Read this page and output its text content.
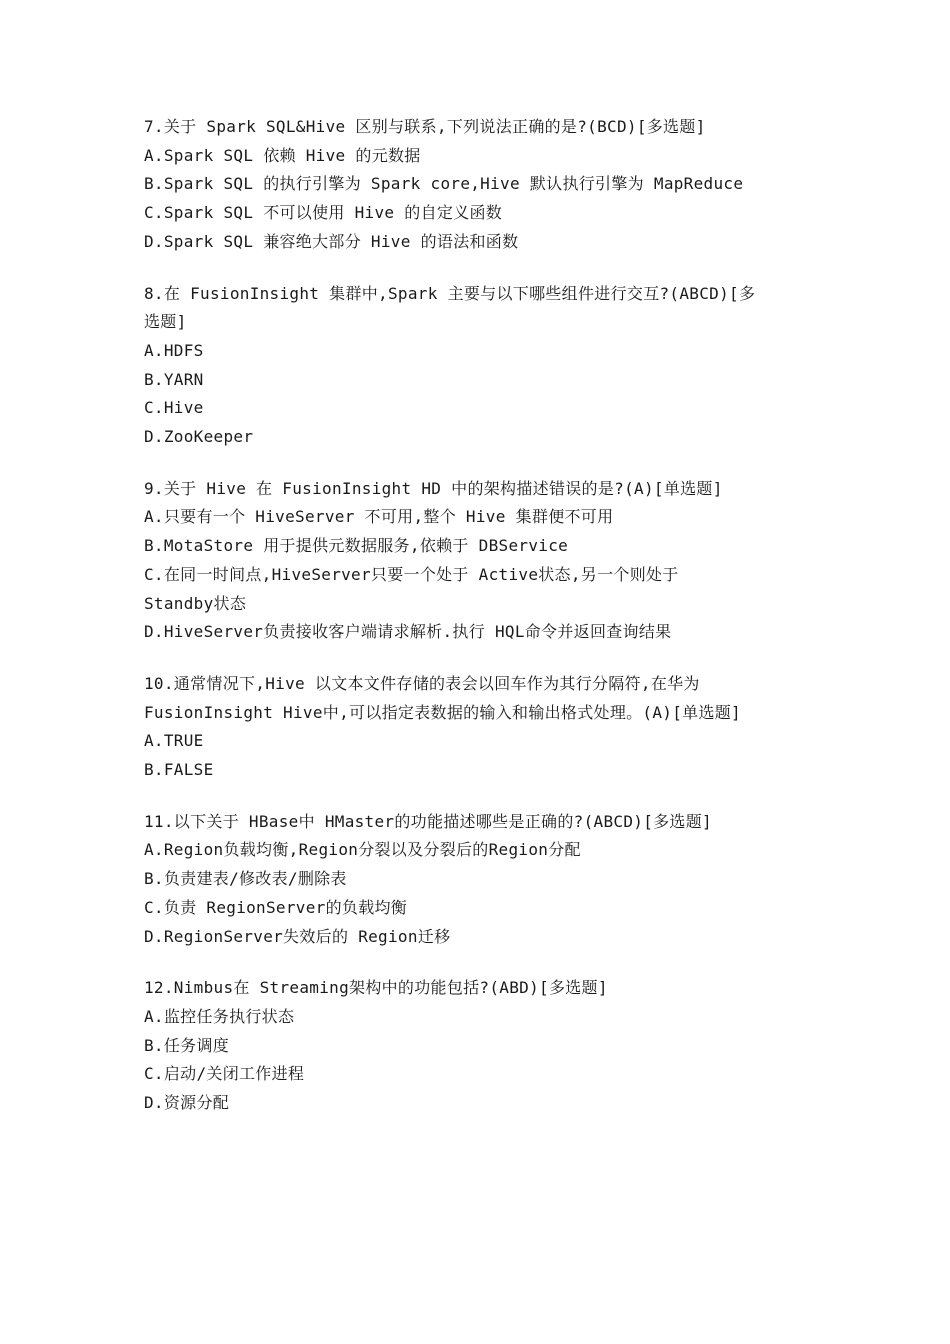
7.关于 Spark SQL&Hive 区别与联系,下列说法正确的是?(BCD)[多选题]
A.Spark SQL 依赖 Hive 的元数据
B.Spark SQL 的执行引擎为 Spark core,Hive 默认执行引擎为 MapReduce
C.Spark SQL 不可以使用 Hive 的自定义函数
D.Spark SQL 兼容绝大部分 Hive 的语法和函数
8.在 FusionInsight 集群中,Spark 主要与以下哪些组件进行交互?(ABCD)[多
选题]
A.HDFS
B.YARN
C.Hive
D.ZooKeeper
9.关于 Hive 在 FusionInsight HD 中的架构描述错误的是?(A)[单选题]
A.只要有一个 HiveServer 不可用,整个 Hive 集群便不可用
B.MotaStore 用于提供元数据服务,依赖于 DBService
C.在同一时间点,HiveServer只要一个处于 Active状态,另一个则处于
Standby状态
D.HiveServer负责接收客户端请求解析.执行 HQL命令并返回查询结果
10.通常情况下,Hive 以文本文件存储的表会以回车作为其行分隔符,在华为
FusionInsight Hive中,可以指定表数据的输入和输出格式处理。(A)[单选题]
A.TRUE
B.FALSE
11.以下关于 HBase中 HMaster的功能描述哪些是正确的?(ABCD)[多选题]
A.Region负载均衡,Region分裂以及分裂后的Region分配
B.负责建表/修改表/删除表
C.负责 RegionServer的负载均衡
D.RegionServer失效后的 Region迁移
12.Nimbus在 Streaming架构中的功能包括?(ABD)[多选题]
A.监控任务执行状态
B.任务调度
C.启动/关闭工作进程
D.资源分配
